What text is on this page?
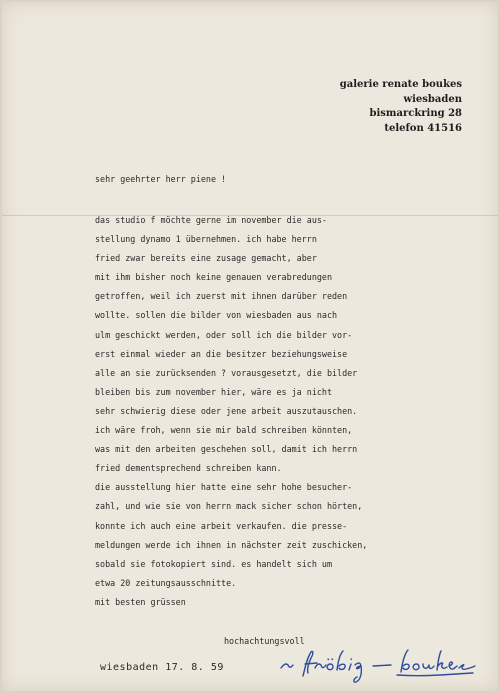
galerie renate boukes
wiesbaden
bismarckring 28
telefon 41516
sehr geehrter herr piene !
das studio f möchte gerne im november die aus-
stellung dynamo 1 übernehmen. ich habe herrn
fried zwar bereits eine zusage gemacht, aber
mit ihm bisher noch keine genauen verabredungen
getroffen, weil ich zuerst mit ihnen darüber reden
wollte. sollen die bilder von wiesbaden aus nach
ulm geschickt werden, oder soll ich die bilder vor-
erst einmal wieder an die besitzer beziehungsweise
alle an sie zurücksenden ? vorausgesetzt, die bilder
bleiben bis zum november hier, wäre es ja nicht
sehr schwierig diese oder jene arbeit auszutauschen.
ich wäre froh, wenn sie mir bald schreiben könnten,
was mit den arbeiten geschehen soll, damit ich herrn
fried dementsprechend schreiben kann.
die ausstellung hier hatte eine sehr hohe besucher-
zahl, und wie sie von herrn mack sicher schon hörten,
konnte ich auch eine arbeit verkaufen. die presse-
meldungen werde ich ihnen in nächster zeit zuschicken,
sobald sie fotokopiert sind. es handelt sich um
etwa 20 zeitungsausschnitte.
mit besten grüssen
hochachtungsvoll
wiesbaden 17. 8. 59
